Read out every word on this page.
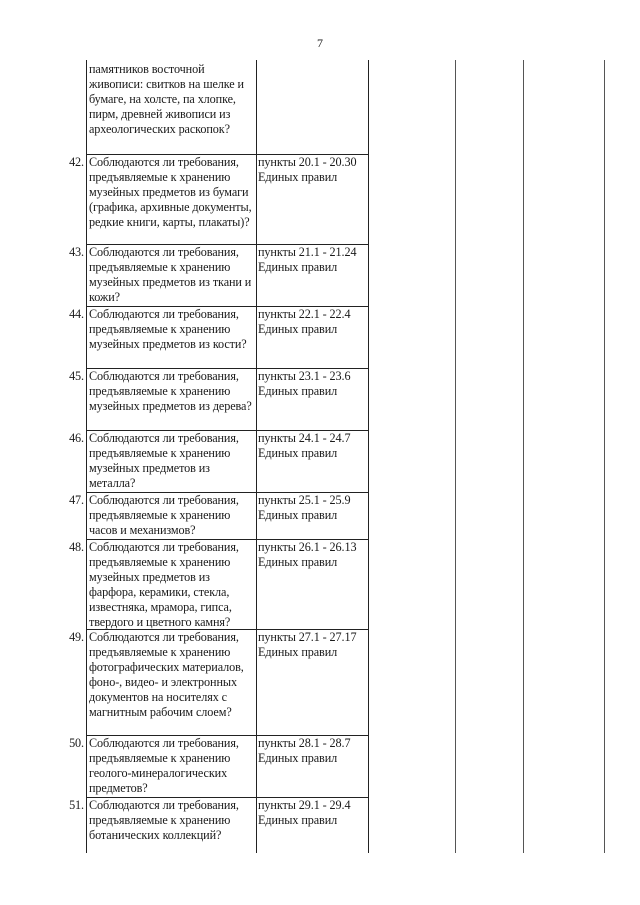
7
памятников восточной живописи: свитков на шелке и бумаге, на холсте, па хлопке, пирм, древней живописи из археологических раскопок?
42. Соблюдаются ли требования, предъявляемые к хранению музейных предметов из бумаги (графика, архивные документы, редкие книги, карты, плакаты)?
пункты 20.1 - 20.30 Единых правил
43. Соблюдаются ли требования, предъявляемые к хранению музейных предметов из ткани и кожи?
пункты 21.1 - 21.24 Единых правил
44. Соблюдаются ли требования, предъявляемые к хранению музейных предметов из кости?
пункты 22.1 - 22.4 Единых правил
45. Соблюдаются ли требования, предъявляемые к хранению музейных предметов из дерева?
пункты 23.1 - 23.6 Единых правил
46. Соблюдаются ли требования, предъявляемые к хранению музейных предметов из металла?
пункты 24.1 - 24.7 Единых правил
47. Соблюдаются ли требования, предъявляемые к хранению часов и механизмов?
пункты 25.1 - 25.9 Единых правил
48. Соблюдаются ли требования, предъявляемые к хранению музейных предметов из фарфора, керамики, стекла, известняка, мрамора, гипса, твердого и цветного камня?
пункты 26.1 - 26.13 Единых правил
49. Соблюдаются ли требования, предъявляемые к хранению фотографических материалов, фоно-, видео- и электронных документов на носителях с магнитным рабочим слоем?
пункты 27.1 - 27.17 Единых правил
50. Соблюдаются ли требования, предъявляемые к хранению геолого-минералогических предметов?
пункты 28.1 - 28.7 Единых правил
51. Соблюдаются ли требования, предъявляемые к хранению ботанических коллекций?
пункты 29.1 - 29.4 Единых правил
